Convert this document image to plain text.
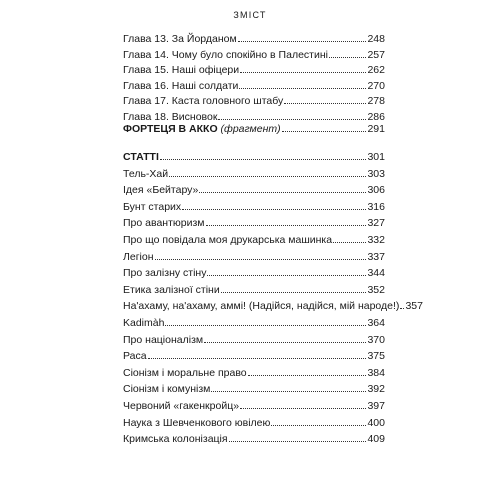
ЗМІСТ
Глава 13. За Йорданом	248
Глава 14. Чому було спокійно в Палестині	257
Глава 15. Наші офіцери	262
Глава 16. Наші солдати	270
Глава 17. Каста головного штабу	278
Глава 18. Висновок	286
ФОРТЕЦЯ В АККО (фрагмент)	291
СТАТТІ	301
Тель-Хай	303
Ідея «Бейтару»	306
Бунт старих	316
Про авантюризм	327
Про що повідала моя друкарська машинка	332
Легіон	337
Про залізну стіну	344
Етика залізної стіни	352
На'ахаму, на'ахаму, аммі! (Надійся, надійся, мій народе!) 357
Kadimàh	364
Про націоналізм	370
Раса	375
Сіонізм і моральне право	384
Сіонізм і комунізм	392
Червоний «гакенкройц»	397
Наука з Шевченкового ювілею	400
Кримська колонізація	409
